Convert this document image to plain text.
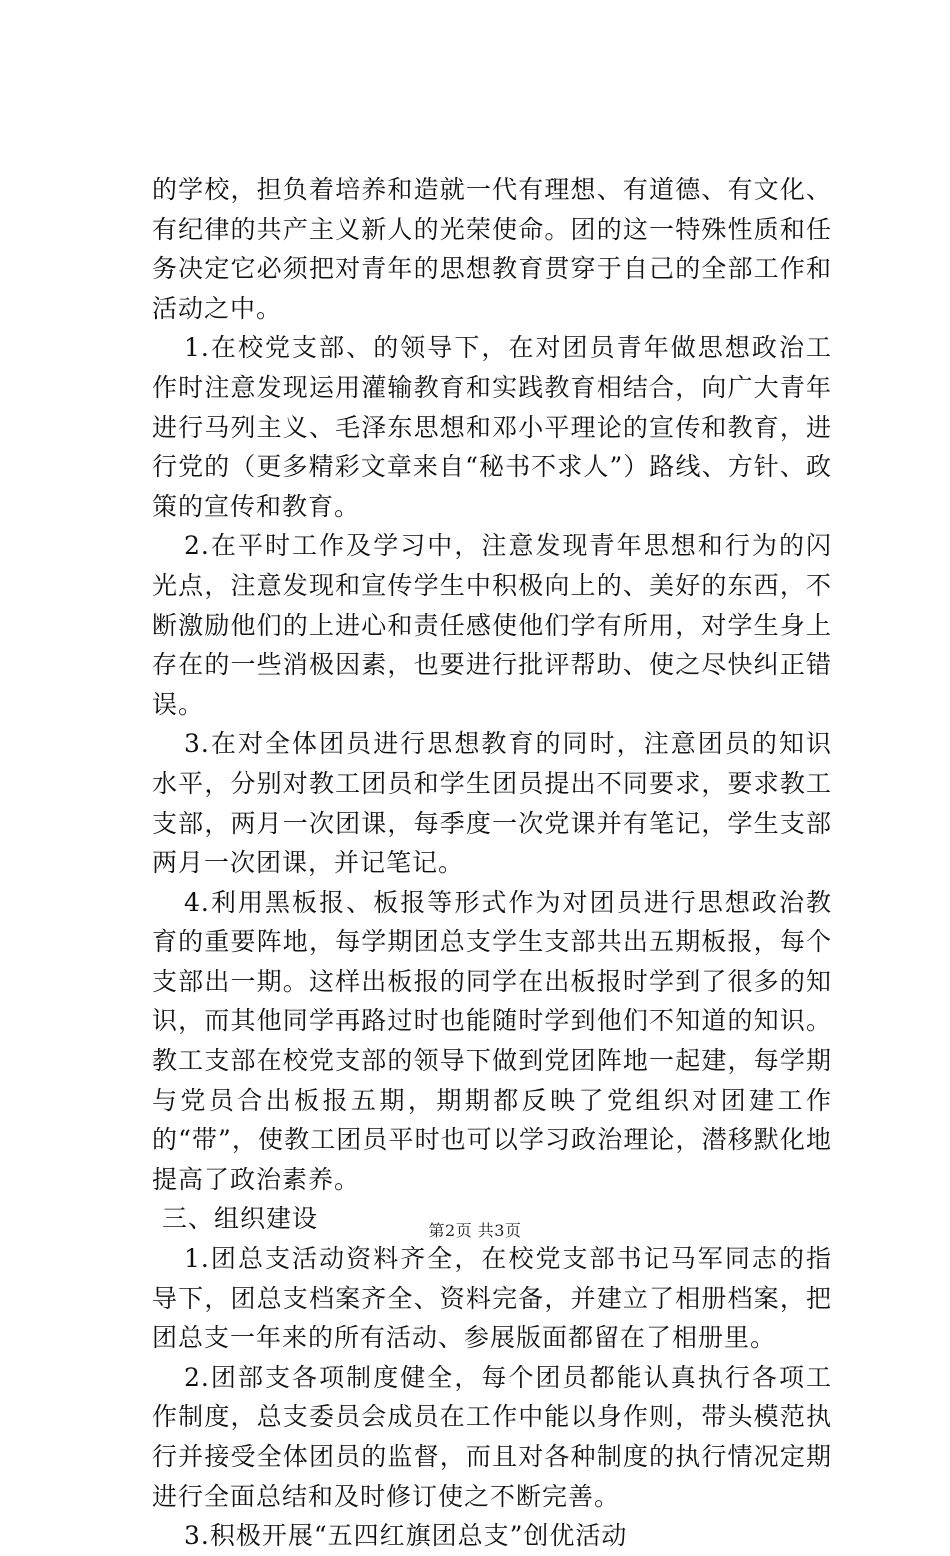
的学校，担负着培养和造就一代有理想、有道德、有文化、有纪律的共产主义新人的光荣使命。团的这一特殊性质和任务决定它必须把对青年的思想教育贯穿于自己的全部工作和活动之中。

1.在校党支部、的领导下，在对团员青年做思想政治工作时注意发现运用灌输教育和实践教育相结合，向广大青年进行马列主义、毛泽东思想和邓小平理论的宣传和教育，进行党的（更多精彩文章来自“秘书不求人”）路线、方针、政策的宣传和教育。

2.在平时工作及学习中，注意发现青年思想和行为的闪光点，注意发现和宣传学生中积极向上的、美好的东西，不断激励他们的上进心和责任感使他们学有所用，对学生身上存在的一些消极因素，也要进行批评帮助、使之尽快纠正错误。

3.在对全体团员进行思想教育的同时，注意团员的知识水平，分别对教工团员和学生团员提出不同要求，要求教工支部，两月一次团课，每季度一次党课并有笔记，学生支部两月一次团课，并记笔记。

4.利用黑板报、板报等形式作为对团员进行思想政治教育的重要阵地，每学期团总支学生支部共出五期板报，每个支部出一期。这样出板报的同学在出板报时学到了很多的知识，而其他同学再路过时也能随时学到他们不知道的知识。教工支部在校党支部的领导下做到党团阵地一起建，每学期与党员合出板报五期，期期都反映了党组织对团建工作的“带”，使教工团员平时也可以学习政治理论，潜移默化地提高了政治素养。

三、组织建设

1.团总支活动资料齐全，在校党支部书记马军同志的指导下，团总支档案齐全、资料完备，并建立了相册档案，把团总支一年来的所有活动、参展版面都留在了相册里。

2.团部支各项制度健全，每个团员都能认真执行各项工作制度，总支委员会成员在工作中能以身作则，带头模范执行并接受全体团员的监督，而且对各种制度的执行情况定期进行全面总结和及时修订使之不断完善。

3.积极开展“五四红旗团总支”创优活动

第2页 共3页
